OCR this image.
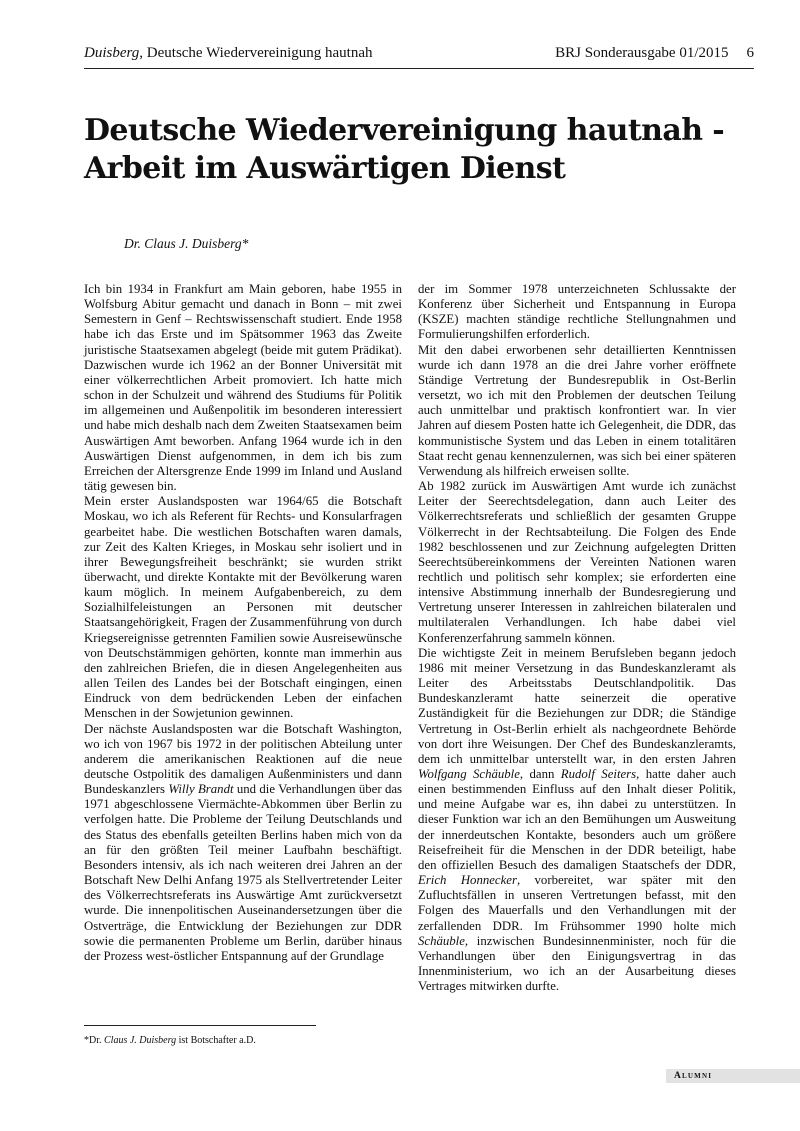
Duisberg, Deutsche Wiedervereinigung hautnah	BRJ Sonderausgabe 01/2015 6
Deutsche Wiedervereinigung hautnah -
Arbeit im Auswärtigen Dienst
Dr. Claus J. Duisberg*

Ich bin 1934 in Frankfurt am Main geboren, habe 1955 in Wolfsburg Abitur gemacht und danach in Bonn – mit zwei Semestern in Genf – Rechtswissenschaft studiert. Ende 1958 habe ich das Erste und im Spätsommer 1963 das Zweite juristische Staatsexamen abgelegt (beide mit gutem Prädikat). Dazwischen wurde ich 1962 an der Bonner Universität mit einer völkerrechtlichen Arbeit promoviert. Ich hatte mich schon in der Schulzeit und während des Studiums für Politik im allgemeinen und Außenpolitik im besonderen interessiert und habe mich deshalb nach dem Zweiten Staatsexamen beim Auswärtigen Amt beworben. Anfang 1964 wurde ich in den Auswärtigen Dienst aufgenommen, in dem ich bis zum Erreichen der Altersgrenze Ende 1999 im Inland und Ausland tätig gewesen bin.

Mein erster Auslandsposten war 1964/65 die Botschaft Moskau, wo ich als Referent für Rechts- und Konsularfragen gearbeitet habe. Die westlichen Botschaften waren damals, zur Zeit des Kalten Krieges, in Moskau sehr isoliert und in ihrer Bewegungsfreiheit beschränkt; sie wurden strikt überwacht, und direkte Kontakte mit der Bevölkerung waren kaum möglich. In meinem Aufgabenbereich, zu dem Sozialhilfeleistungen an Personen mit deutscher Staatsangehörigkeit, Fragen der Zusammenführung von durch Kriegsereignisse getrennten Familien sowie Ausreisewünsche von Deutschstämmigen gehörten, konnte man immerhin aus den zahlreichen Briefen, die in diesen Angelegenheiten aus allen Teilen des Landes bei der Botschaft eingingen, einen Eindruck von dem bedrückenden Leben der einfachen Menschen in der Sowjetunion gewinnen.

Der nächste Auslandsposten war die Botschaft Washington, wo ich von 1967 bis 1972 in der politischen Abteilung unter anderem die amerikanischen Reaktionen auf die neue deutsche Ostpolitik des damaligen Außenministers und dann Bundeskanzlers Willy Brandt und die Verhandlungen über das 1971 abgeschlossene Viermächte-Abkommen über Berlin zu verfolgen hatte. Die Probleme der Teilung Deutschlands und des Status des ebenfalls geteilten Berlins haben mich von da an für den größten Teil meiner Laufbahn beschäftigt. Besonders intensiv, als ich nach weiteren drei Jahren an der Botschaft New Delhi Anfang 1975 als Stellvertretender Leiter des Völkerrechtsreferats ins Auswärtige Amt zurückversetzt wurde. Die innenpolitischen Auseinandersetzungen über die Ostverträge, die Entwicklung der Beziehungen zur DDR sowie die permanenten Probleme um Berlin, darüber hinaus der Prozess west-östlicher Entspannung auf der Grundlage

der im Sommer 1978 unterzeichneten Schlussakte der Konferenz über Sicherheit und Entspannung in Europa (KSZE) machten ständige rechtliche Stellungnahmen und Formulierungshilfen erforderlich.

Mit den dabei erworbenen sehr detaillierten Kenntnissen wurde ich dann 1978 an die drei Jahre vorher eröffnete Ständige Vertretung der Bundesrepublik in Ost-Berlin versetzt, wo ich mit den Problemen der deutschen Teilung auch unmittelbar und praktisch konfrontiert war. In vier Jahren auf diesem Posten hatte ich Gelegenheit, die DDR, das kommunistische System und das Leben in einem totalitären Staat recht genau kennenzulernen, was sich bei einer späteren Verwendung als hilfreich erweisen sollte.

Ab 1982 zurück im Auswärtigen Amt wurde ich zunächst Leiter der Seerechtsdelegation, dann auch Leiter des Völkerrechtsreferats und schließlich der gesamten Gruppe Völkerrecht in der Rechtsabteilung. Die Folgen des Ende 1982 beschlossenen und zur Zeichnung aufgelegten Dritten Seerechtsübereinkommens der Vereinten Nationen waren rechtlich und politisch sehr komplex; sie erforderten eine intensive Abstimmung innerhalb der Bundesregierung und Vertretung unserer Interessen in zahlreichen bilateralen und multilateralen Verhandlungen. Ich habe dabei viel Konferenzerfahrung sammeln können.

Die wichtigste Zeit in meinem Berufsleben begann jedoch 1986 mit meiner Versetzung in das Bundeskanzleramt als Leiter des Arbeitsstabs Deutschlandpolitik. Das Bundeskanzleramt hatte seinerzeit die operative Zuständigkeit für die Beziehungen zur DDR; die Ständige Vertretung in Ost-Berlin erhielt als nachgeordnete Behörde von dort ihre Weisungen. Der Chef des Bundeskanzleramts, dem ich unmittelbar unterstellt war, in den ersten Jahren Wolfgang Schäuble, dann Rudolf Seiters, hatte daher auch einen bestimmenden Einfluss auf den Inhalt dieser Politik, und meine Aufgabe war es, ihn dabei zu unterstützen. In dieser Funktion war ich an den Bemühungen um Ausweitung der innerdeutschen Kontakte, besonders auch um größere Reisefreiheit für die Menschen in der DDR beteiligt, habe den offiziellen Besuch des damaligen Staatschefs der DDR, Erich Honnecker, vorbereitet, war später mit den Zufluchtsfällen in unseren Vertretungen befasst, mit den Folgen des Mauerfalls und den Verhandlungen mit der zerfallenden DDR. Im Frühsommer 1990 holte mich Schäuble, inzwischen Bundesinnenminister, noch für die Verhandlungen über den Einigungsvertrag in das Innenministerium, wo ich an der Ausarbeitung dieses Vertrages mitwirken durfte.

*Dr. Claus J. Duisberg ist Botschafter a.D.
Alumni
